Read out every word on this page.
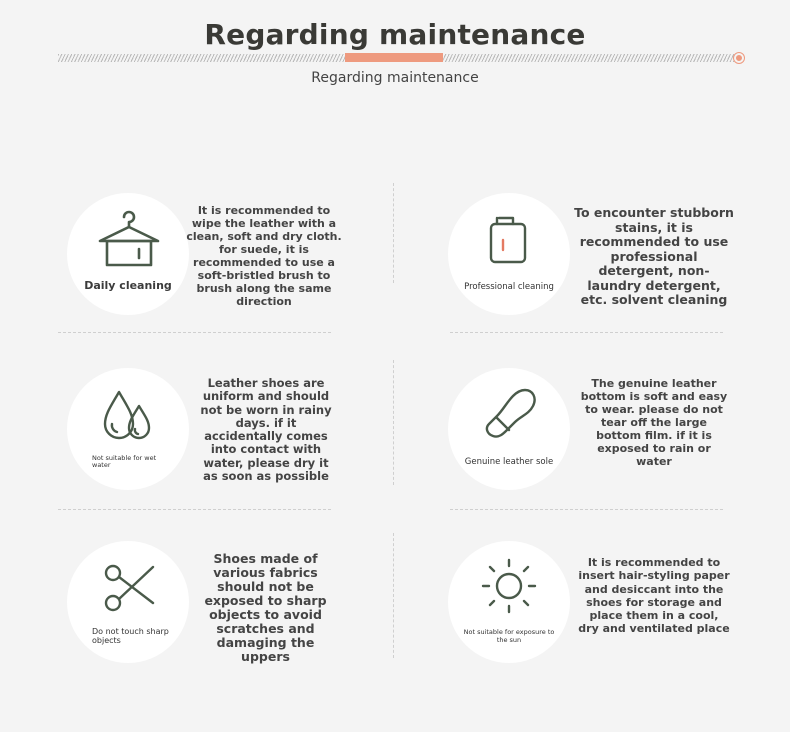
Regarding maintenance
Regarding maintenance
Daily cleaning
It is recommended to wipe the leather with a clean, soft and dry cloth. for suede, it is recommended to use a soft-bristled brush to brush along the same direction
Professional cleaning
To encounter stubborn stains, it is recommended to use professional detergent, non-laundry detergent, etc. solvent cleaning
Not suitable for wet water
Leather shoes are uniform and should not be worn in rainy days. if it accidentally comes into contact with water, please dry it as soon as possible
Genuine leather sole
The genuine leather bottom is soft and easy to wear. please do not tear off the large bottom film. if it is exposed to rain or water
Do not touch sharp objects
Shoes made of various fabrics should not be exposed to sharp objects to avoid scratches and damaging the uppers
Not suitable for exposure to the sun
It is recommended to insert hair-styling paper and desiccant into the shoes for storage and place them in a cool, dry and ventilated place
